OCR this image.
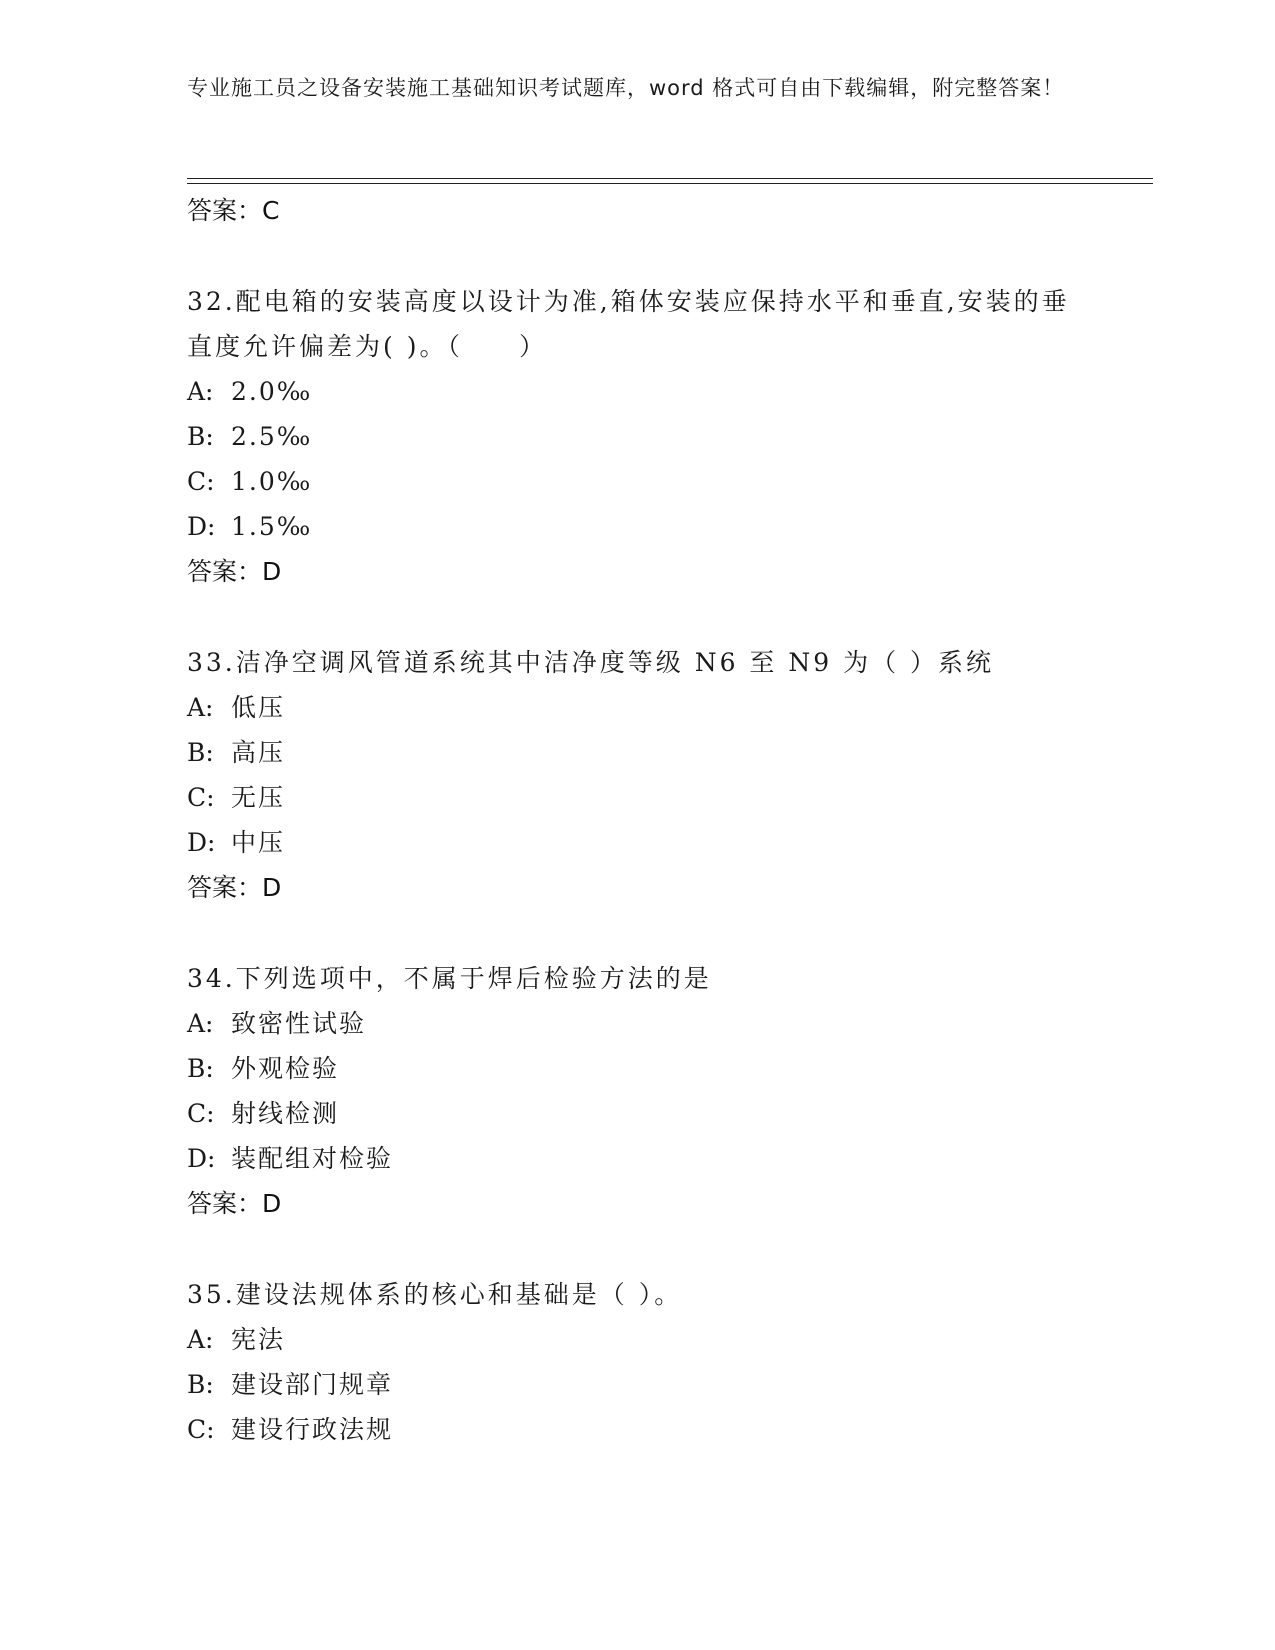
专业施工员之设备安装施工基础知识考试题库，word 格式可自由下载编辑，附完整答案！
答案：C
32.配电箱的安装高度以设计为准,箱体安装应保持水平和垂直,安装的垂直度允许偏差为( )。（　　）
A: 2.0‰
B: 2.5‰
C: 1.0‰
D: 1.5‰
答案：D
33.洁净空调风管道系统其中洁净度等级 N6 至 N9 为（ ）系统
A: 低压
B: 高压
C: 无压
D: 中压
答案：D
34.下列选项中，不属于焊后检验方法的是
A: 致密性试验
B: 外观检验
C: 射线检测
D: 装配组对检验
答案：D
35.建设法规体系的核心和基础是（ ）。
A: 宪法
B: 建设部门规章
C: 建设行政法规
